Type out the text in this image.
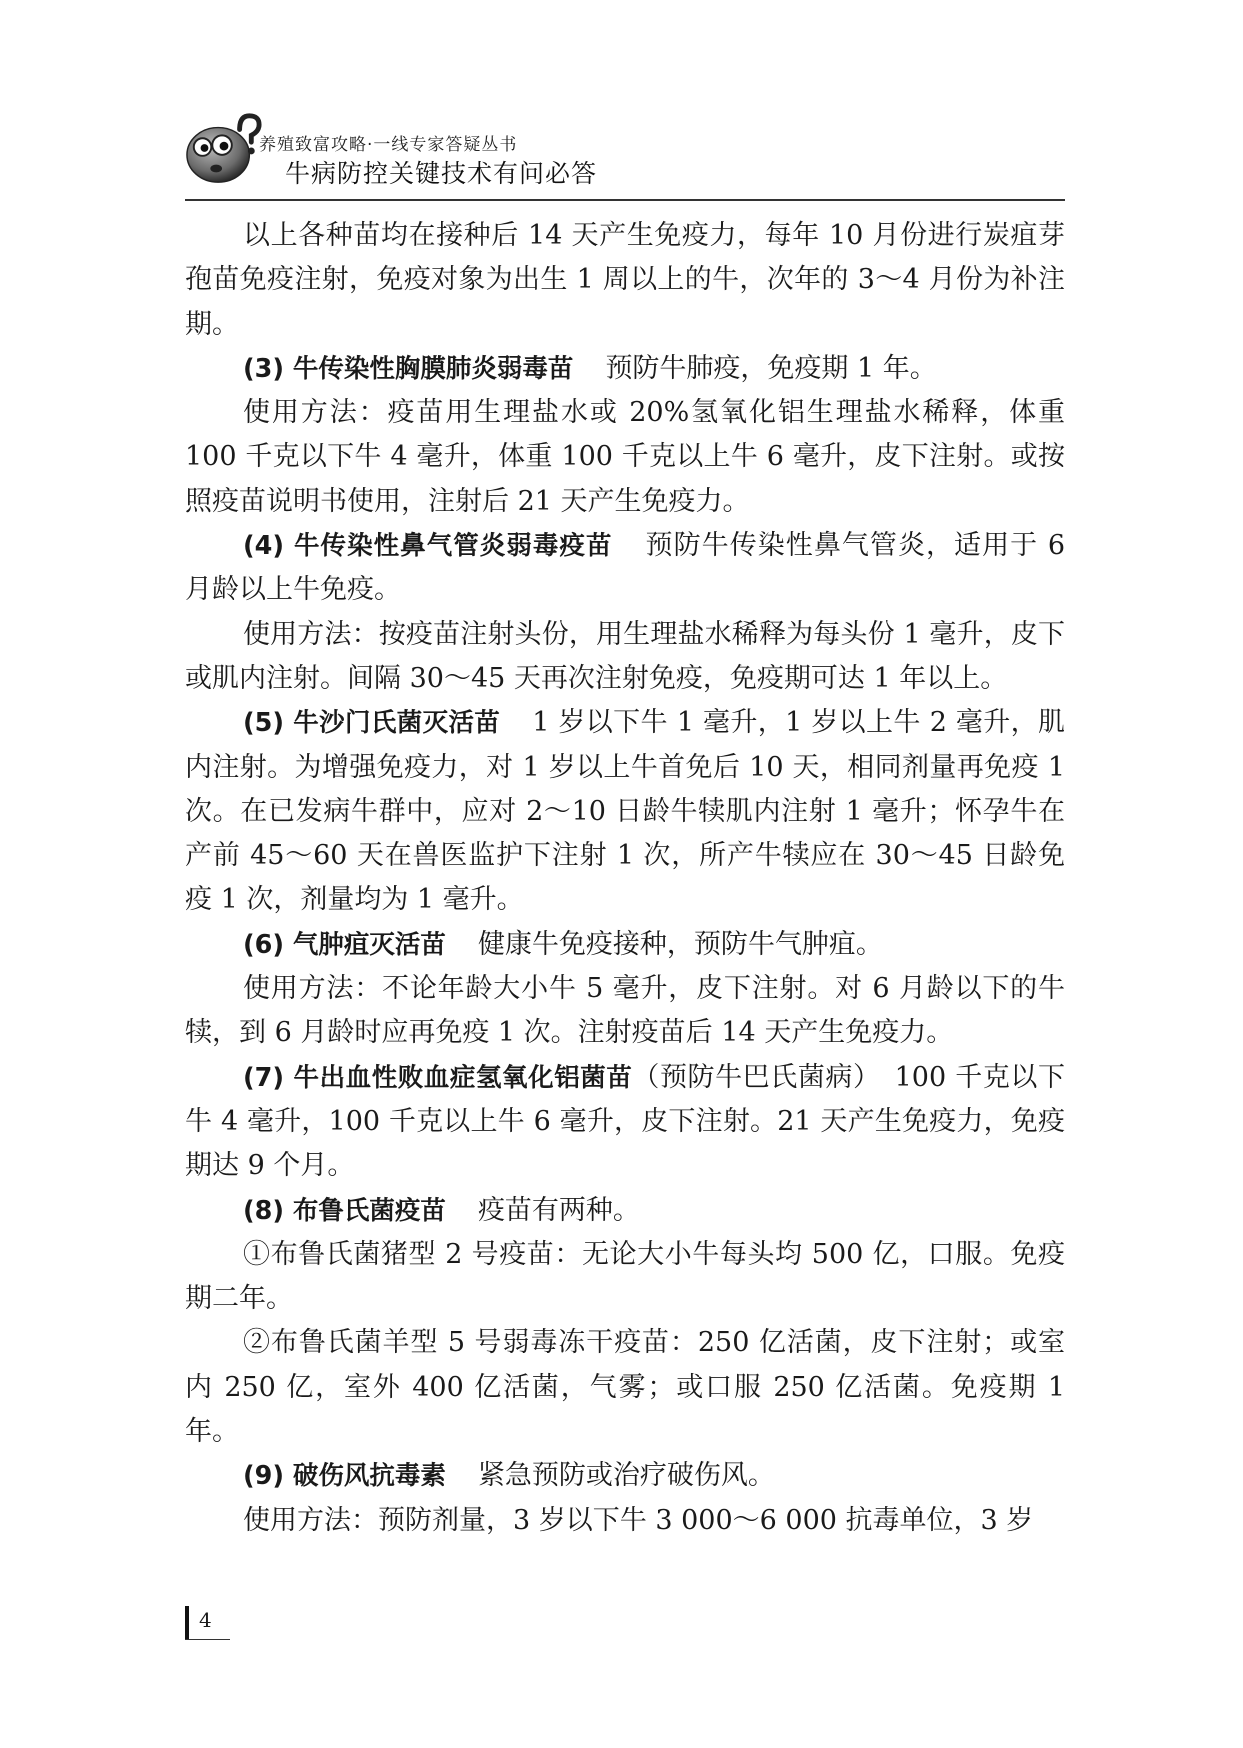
养殖致富攻略·一线专家答疑丛书
牛病防控关键技术有问必答

以上各种苗均在接种后 14 天产生免疫力，每年 10 月份进行炭疽芽孢苗免疫注射，免疫对象为出生 1 周以上的牛，次年的 3～4 月份为补注期。

(3) 牛传染性胸膜肺炎弱毒苗 预防牛肺疫，免疫期 1 年。

使用方法：疫苗用生理盐水或 20%氢氧化铝生理盐水稀释，体重 100 千克以下牛 4 毫升，体重 100 千克以上牛 6 毫升，皮下注射。或按照疫苗说明书使用，注射后 21 天产生免疫力。

(4) 牛传染性鼻气管炎弱毒疫苗 预防牛传染性鼻气管炎，适用于 6 月龄以上牛免疫。

使用方法：按疫苗注射头份，用生理盐水稀释为每头份 1 毫升，皮下或肌内注射。间隔 30～45 天再次注射免疫，免疫期可达 1 年以上。

(5) 牛沙门氏菌灭活苗 1 岁以下牛 1 毫升，1 岁以上牛 2 毫升，肌内注射。为增强免疫力，对 1 岁以上牛首免后 10 天，相同剂量再免疫 1 次。在已发病牛群中，应对 2～10 日龄牛犊肌内注射 1 毫升；怀孕牛在产前 45～60 天在兽医监护下注射 1 次，所产牛犊应在 30～45 日龄免疫 1 次，剂量均为 1 毫升。

(6) 气肿疽灭活苗 健康牛免疫接种，预防牛气肿疽。

使用方法：不论年龄大小牛 5 毫升，皮下注射。对 6 月龄以下的牛犊，到 6 月龄时应再免疫 1 次。注射疫苗后 14 天产生免疫力。

(7) 牛出血性败血症氢氧化铝菌苗（预防牛巴氏菌病）　100 千克以下牛 4 毫升，100 千克以上牛 6 毫升，皮下注射。21 天产生免疫力，免疫期达 9 个月。

(8) 布鲁氏菌疫苗 疫苗有两种。

①布鲁氏菌猪型 2 号疫苗：无论大小牛每头均 500 亿，口服。免疫期二年。

②布鲁氏菌羊型 5 号弱毒冻干疫苗：250 亿活菌，皮下注射；或室内 250 亿，室外 400 亿活菌，气雾；或口服 250 亿活菌。免疫期 1 年。

(9) 破伤风抗毒素 紧急预防或治疗破伤风。

使用方法：预防剂量，3 岁以下牛 3 000～6 000 抗毒单位，3 岁

4
